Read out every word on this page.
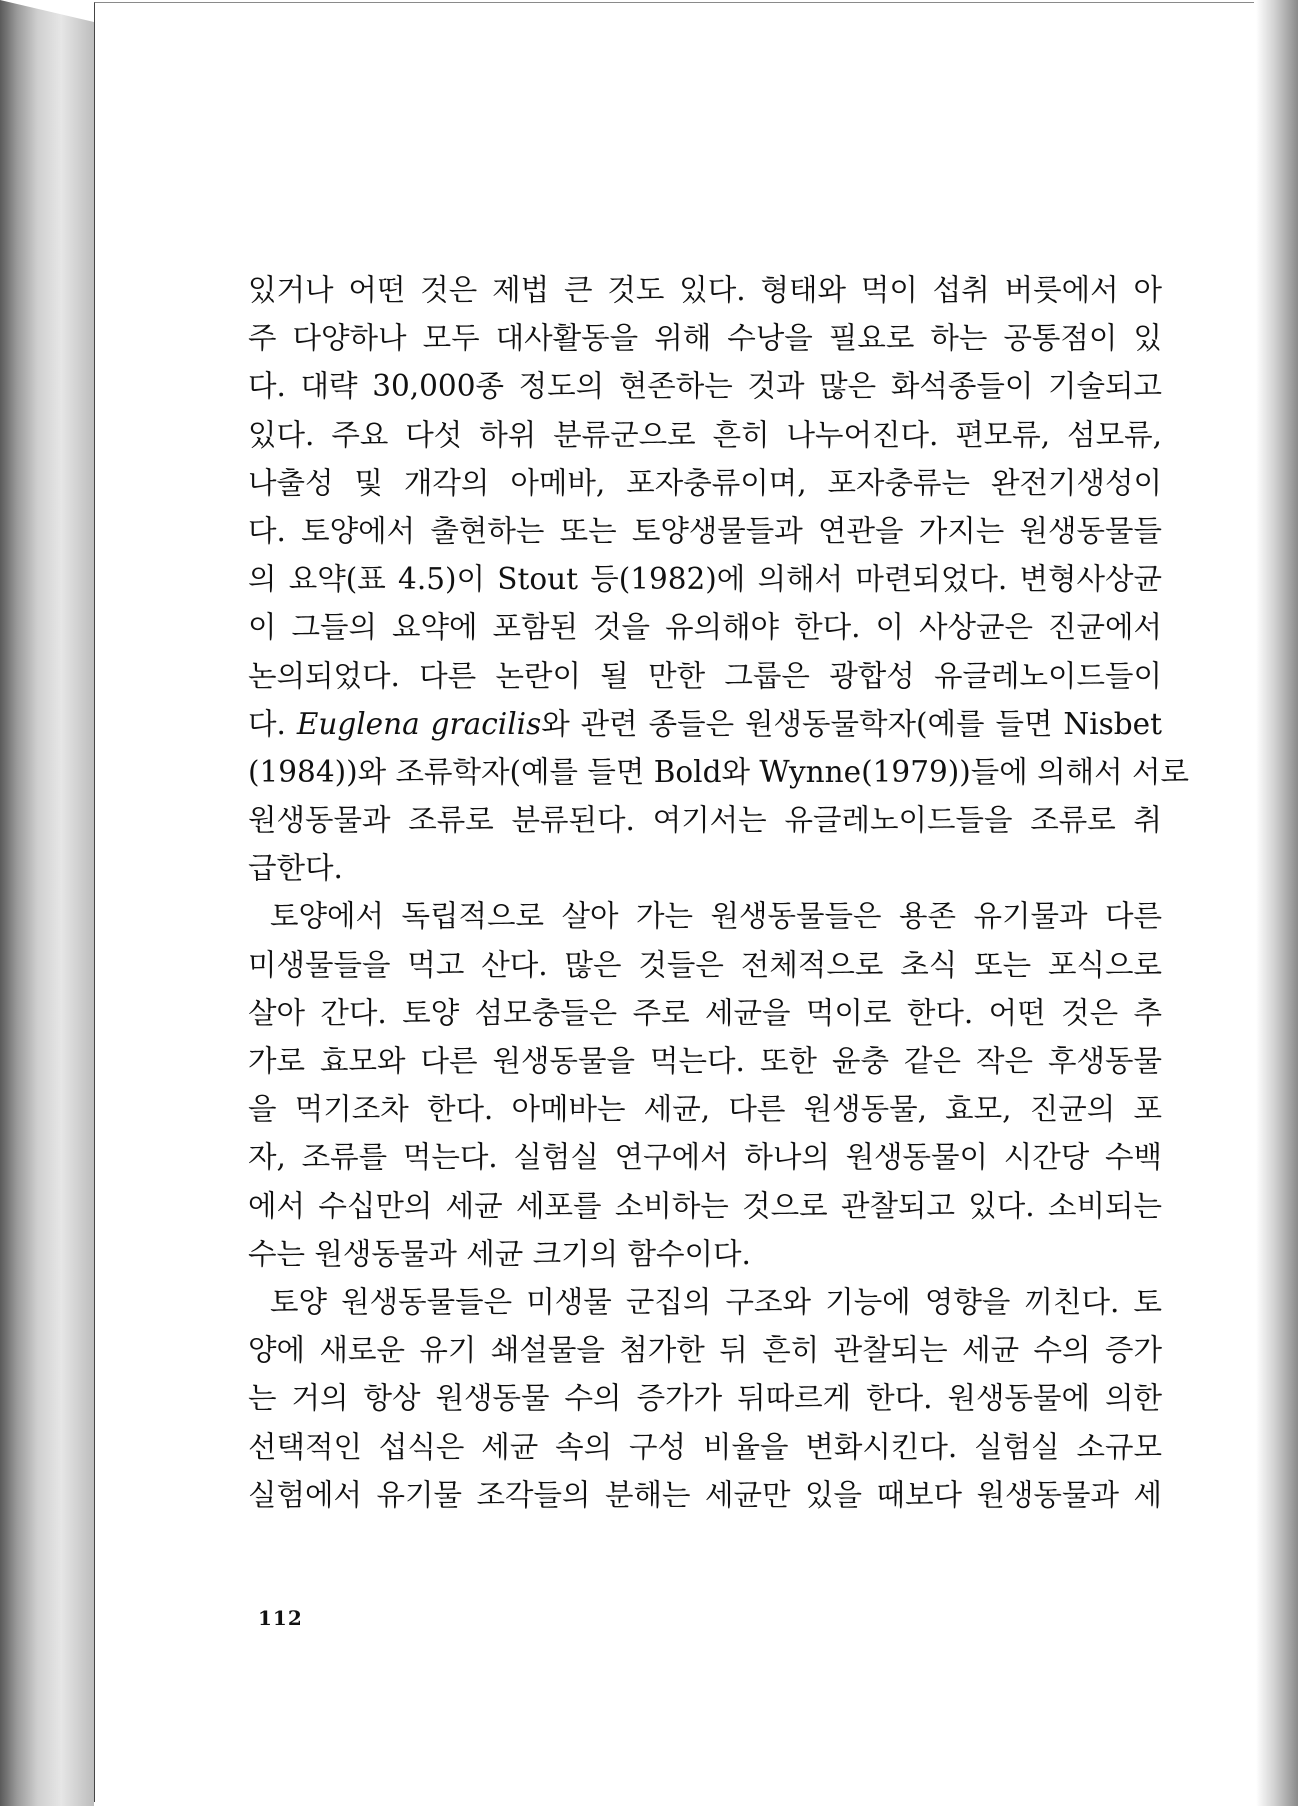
있거나 어떤 것은 제법 큰 것도 있다. 형태와 먹이 섭취 버릇에서 아
주 다양하나 모두 대사활동을 위해 수낭을 필요로 하는 공통점이 있
다. 대략 30,000종 정도의 현존하는 것과 많은 화석종들이 기술되고
있다. 주요 다섯 하위 분류군으로 흔히 나누어진다. 편모류, 섬모류,
나출성 및 개각의 아메바, 포자충류이며, 포자충류는 완전기생성이
다. 토양에서 출현하는 또는 토양생물들과 연관을 가지는 원생동물들
의 요약(표 4.5)이 Stout 등(1982)에 의해서 마련되었다. 변형사상균
이 그들의 요약에 포함된 것을 유의해야 한다. 이 사상균은 진균에서
논의되었다. 다른 논란이 될 만한 그룹은 광합성 유글레노이드들이
다. Euglena gracilis와 관련 종들은 원생동물학자(예를 들면 Nisbet
(1984))와 조류학자(예를 들면 Bold와 Wynne(1979))들에 의해서 서로
원생동물과 조류로 분류된다. 여기서는 유글레노이드들을 조류로 취
급한다.
토양에서 독립적으로 살아 가는 원생동물들은 용존 유기물과 다른
미생물들을 먹고 산다. 많은 것들은 전체적으로 초식 또는 포식으로
살아 간다. 토양 섬모충들은 주로 세균을 먹이로 한다. 어떤 것은 추
가로 효모와 다른 원생동물을 먹는다. 또한 윤충 같은 작은 후생동물
을 먹기조차 한다. 아메바는 세균, 다른 원생동물, 효모, 진균의 포
자, 조류를 먹는다. 실험실 연구에서 하나의 원생동물이 시간당 수백
에서 수십만의 세균 세포를 소비하는 것으로 관찰되고 있다. 소비되는
수는 원생동물과 세균 크기의 함수이다.
토양 원생동물들은 미생물 군집의 구조와 기능에 영향을 끼친다. 토
양에 새로운 유기 쇄설물을 첨가한 뒤 흔히 관찰되는 세균 수의 증가
는 거의 항상 원생동물 수의 증가가 뒤따르게 한다. 원생동물에 의한
선택적인 섭식은 세균 속의 구성 비율을 변화시킨다. 실험실 소규모
실험에서 유기물 조각들의 분해는 세균만 있을 때보다 원생동물과 세
112
